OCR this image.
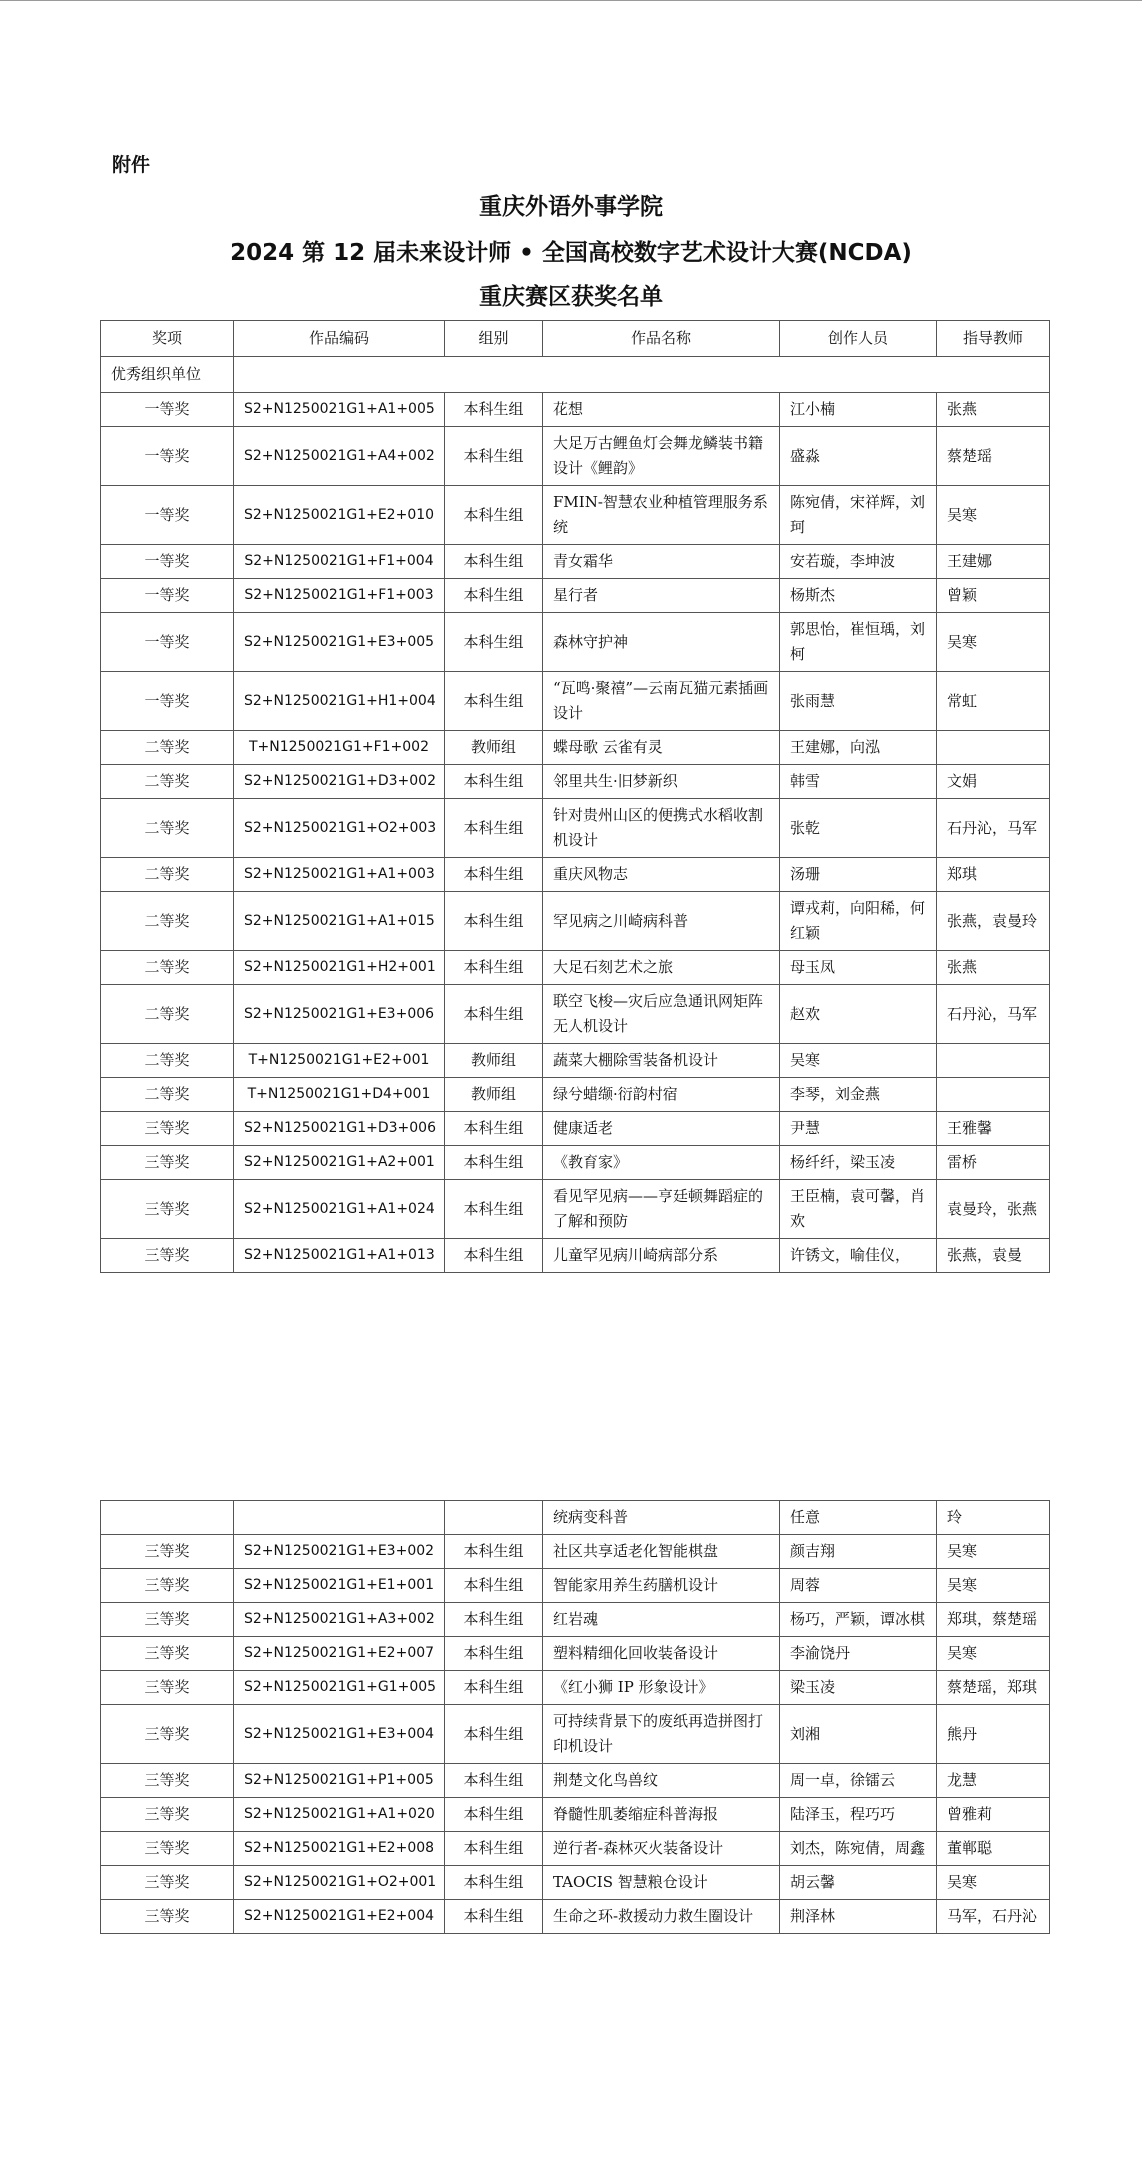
附件
重庆外语外事学院
2024 第 12 届未来设计师 • 全国高校数字艺术设计大赛(NCDA)
重庆赛区获奖名单
奖项	作品编码	组别	作品名称	创作人员	指导教师
优秀组织单位					
一等奖	S2+N1250021G1+A1+005	本科生组	花想	江小楠	张燕
一等奖	S2+N1250021G1+A4+002	本科生组	大足万古鲤鱼灯会舞龙鳞装书籍设计《鲤韵》	盛淼	蔡楚瑶
一等奖	S2+N1250021G1+E2+010	本科生组	FMIN-智慧农业种植管理服务系统	陈宛倩，宋祥辉，刘珂	吴寒
一等奖	S2+N1250021G1+F1+004	本科生组	青女霜华	安若璇，李坤波	王建娜
一等奖	S2+N1250021G1+F1+003	本科生组	星行者	杨斯杰	曾颖
一等奖	S2+N1250021G1+E3+005	本科生组	森林守护神	郭思怡，崔恒瑀，刘柯	吴寒
一等奖	S2+N1250021G1+H1+004	本科生组	“瓦鸣·聚禧”—云南瓦猫元素插画设计	张雨慧	常虹
二等奖	T+N1250021G1+F1+002	教师组	蝶母歌 云雀有灵	王建娜，向泓	
二等奖	S2+N1250021G1+D3+002	本科生组	邻里共生·旧梦新织	韩雪	文娟
二等奖	S2+N1250021G1+O2+003	本科生组	针对贵州山区的便携式水稻收割机设计	张乾	石丹沁，马军
二等奖	S2+N1250021G1+A1+003	本科生组	重庆风物志	汤珊	郑琪
二等奖	S2+N1250021G1+A1+015	本科生组	罕见病之川崎病科普	谭戎莉，向阳稀，何红颖	张燕，袁曼玲
二等奖	S2+N1250021G1+H2+001	本科生组	大足石刻艺术之旅	母玉凤	张燕
二等奖	S2+N1250021G1+E3+006	本科生组	联空飞梭—灾后应急通讯网矩阵无人机设计	赵欢	石丹沁，马军
二等奖	T+N1250021G1+E2+001	教师组	蔬菜大棚除雪装备机设计	吴寒	
二等奖	T+N1250021G1+D4+001	教师组	绿兮蜡缬·衍韵村宿	李琴，刘金燕	
三等奖	S2+N1250021G1+D3+006	本科生组	健康适老	尹慧	王雅馨
三等奖	S2+N1250021G1+A2+001	本科生组	《教育家》	杨纤纤，梁玉凌	雷桥
三等奖	S2+N1250021G1+A1+024	本科生组	看见罕见病——亨廷顿舞蹈症的了解和预防	王臣楠，袁可馨，肖欢	袁曼玲，张燕
三等奖	S2+N1250021G1+A1+013	本科生组	儿童罕见病川崎病部分系	许锈文，喻佳仪，	张燕，袁曼
			统病变科普	任意	玲
三等奖	S2+N1250021G1+E3+002	本科生组	社区共享适老化智能棋盘	颜吉翔	吴寒
三等奖	S2+N1250021G1+E1+001	本科生组	智能家用养生药膳机设计	周蓉	吴寒
三等奖	S2+N1250021G1+A3+002	本科生组	红岩魂	杨巧，严颖，谭冰棋	郑琪，蔡楚瑶
三等奖	S2+N1250021G1+E2+007	本科生组	塑料精细化回收装备设计	李渝饶丹	吴寒
三等奖	S2+N1250021G1+G1+005	本科生组	《红小狮 IP 形象设计》	梁玉凌	蔡楚瑶，郑琪
三等奖	S2+N1250021G1+E3+004	本科生组	可持续背景下的废纸再造拼图打印机设计	刘湘	熊丹
三等奖	S2+N1250021G1+P1+005	本科生组	荆楚文化鸟兽纹	周一卓，徐镭云	龙慧
三等奖	S2+N1250021G1+A1+020	本科生组	脊髓性肌萎缩症科普海报	陆泽玉，程巧巧	曾雅莉
三等奖	S2+N1250021G1+E2+008	本科生组	逆行者-森林灭火装备设计	刘杰，陈宛倩，周鑫	董郸聪
三等奖	S2+N1250021G1+O2+001	本科生组	TAOCIS 智慧粮仓设计	胡云馨	吴寒
三等奖	S2+N1250021G1+E2+004	本科生组	生命之环-救援动力救生圈设计	荆泽林	马军，石丹沁
